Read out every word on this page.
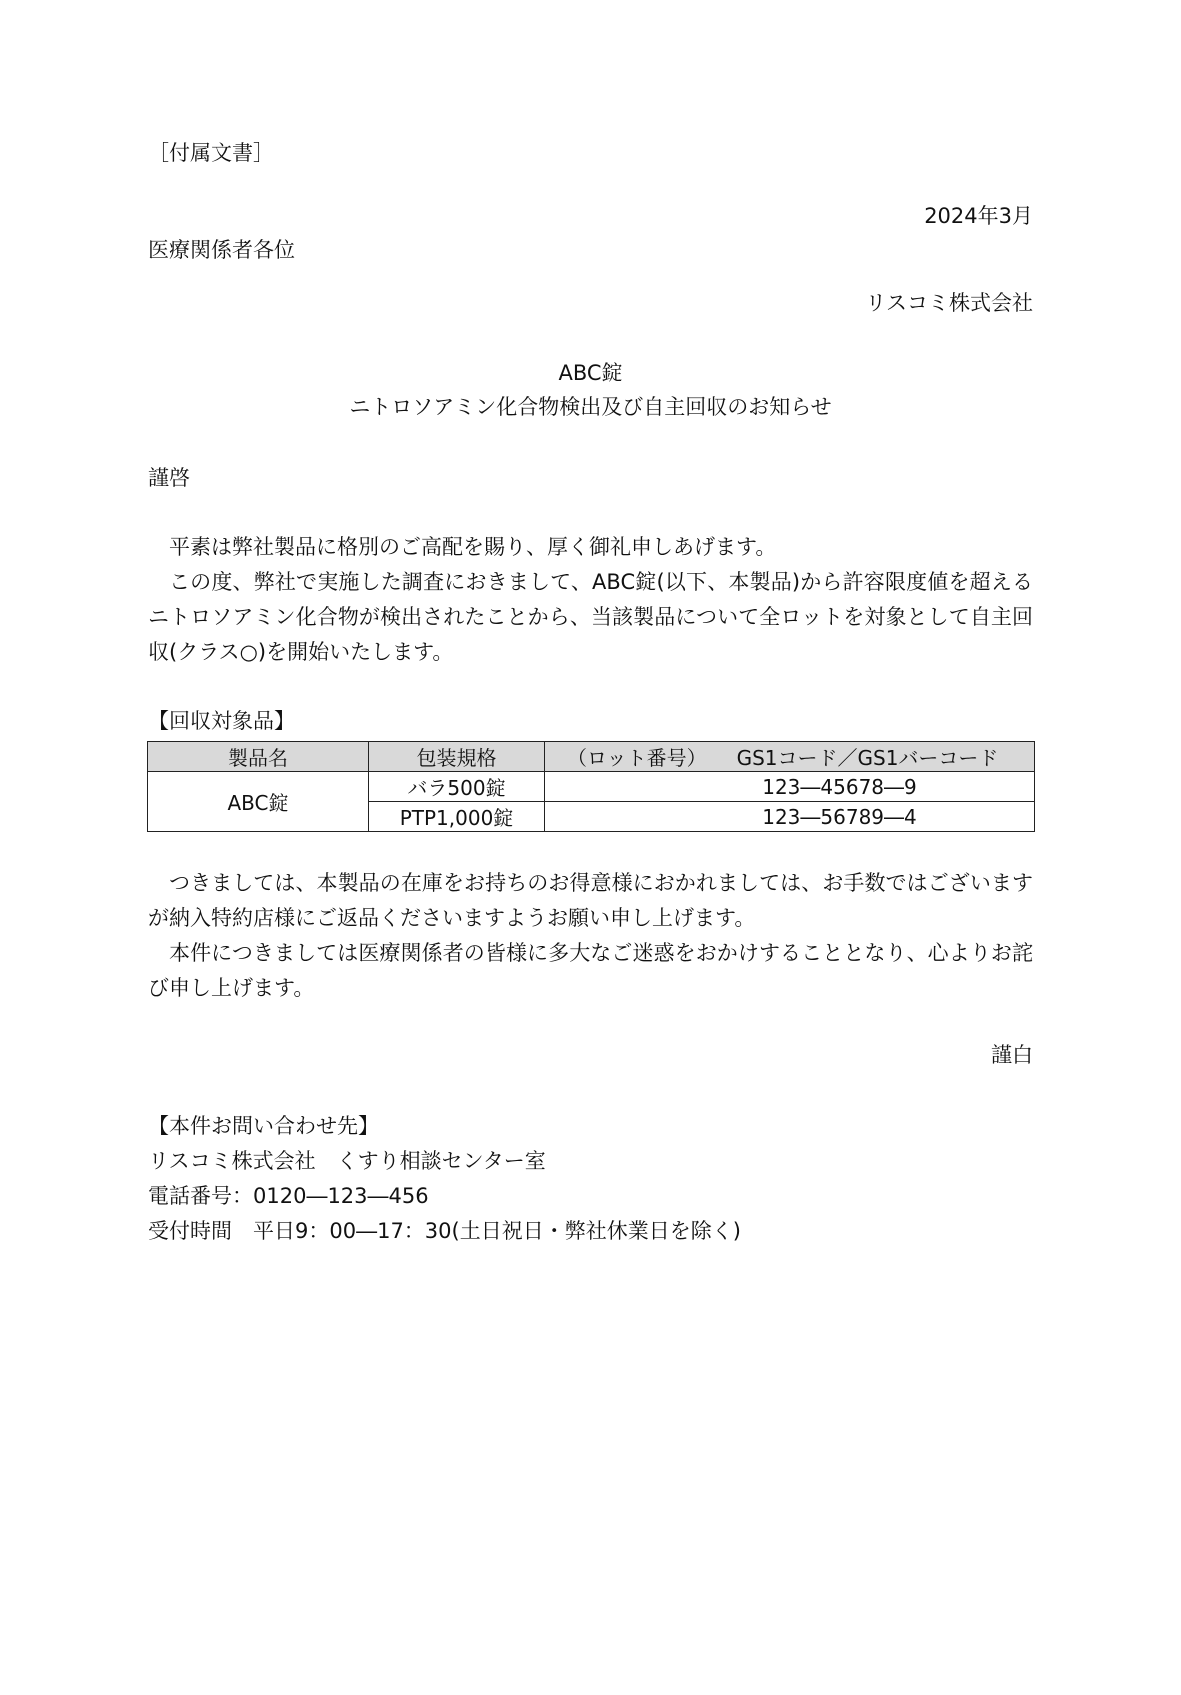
［付属文書］
2024年3月
医療関係者各位
リスコミ株式会社
ABC錠
ニトロソアミン化合物検出及び自主回収のお知らせ
謹啓
平素は弊社製品に格別のご高配を賜り、厚く御礼申しあげます。
この度、弊社で実施した調査におきまして、ABC錠(以下、本製品)から許容限度値を超えるニトロソアミン化合物が検出されたことから、当該製品について全ロットを対象として自主回収(クラス○)を開始いたします。
【回収対象品】
製品名	包装規格	（ロット番号）　　GS1コード／GS1バーコード
ABC錠	バラ500錠	123―45678―9
	PTP1,000錠	123―56789―4
つきましては、本製品の在庫をお持ちのお得意様におかれましては、お手数ではございますが納入特約店様にご返品くださいますようお願い申し上げます。
本件につきましては医療関係者の皆様に多大なご迷惑をおかけすることとなり、心よりお詫び申し上げます。
謹白
【本件お問い合わせ先】
リスコミ株式会社　くすり相談センター室
電話番号：0120―123―456
受付時間　平日9：00―17：30(土日祝日・弊社休業日を除く)
